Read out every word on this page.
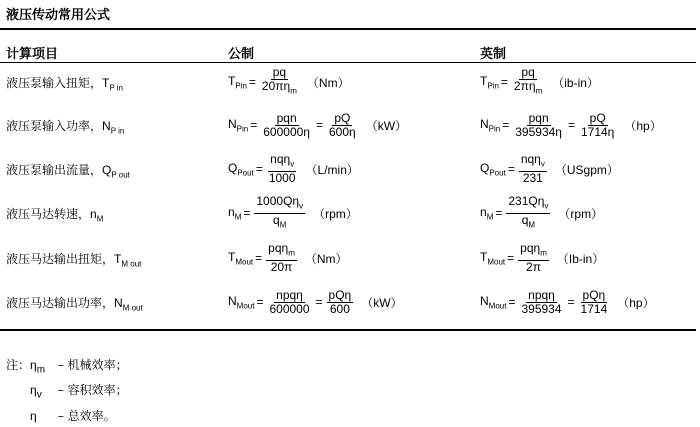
液压传动常用公式
计算项目	公制	英制
液压泵输入扭矩，$T_{P in}$
$T_{Pin} = \frac{pq}{20\pi\eta_m} (Nm)$	$T_{Pin} = \frac{pq}{2\pi\eta_m} (ib-in)$
液压泵输入功率，$N_{P in}$
$N_{Pin} = \frac{\text{pqn}}{600000\eta} = \frac{pQ}{600\eta} (kW)$	$N_{Pin} = \frac{\text{pqn}}{395934\eta} = \frac{pQ}{1714\eta} (hp)$
液压泵输出流量，$Q_{P out}$
$Q_{Pout} = \frac{nq\eta_v}{1000} (L/\min)$	$Q_{Pout} = \frac{nq\eta_v}{231}$ （USgpm）
液压马达转速，$n_M$
$n_M = \frac{1000Q\eta_v}{q_M} (rpm)$	$n_M = \frac{231Q\eta_v}{q_M} (rpm)$
液压马达输出扭矩，$T_{M out}$
$T_{Mout} = \frac{pq\eta_m}{20\pi} (Nm)$	$T_{Mout} = \frac{pq\eta_m}{2\pi} (Ib-in)$
液压马达输出功率，$N_{M out}$
$N_{Mout} = \frac{\text{npqη}}{600000} = \frac{\text{pQη}}{600} (kW)$	$N_{Mout} = \frac{\text{npqη}}{395934} = \frac{\text{pQη}}{1714} (hp)$
注：$\eta_m$ – 机械效率；
$\eta_v$ – 容积效率；
η – 总效率。
